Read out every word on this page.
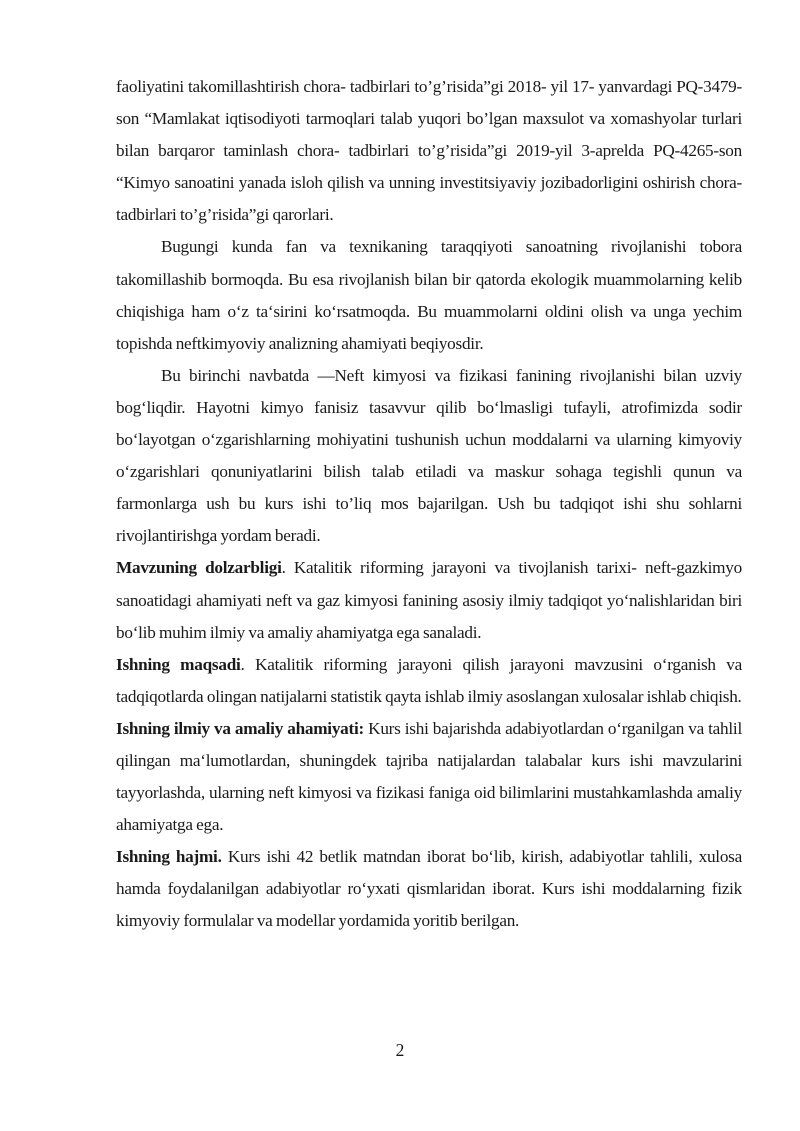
faoliyatini takomillashtirish chora- tadbirlari to’g’risida”gi 2018- yil 17- yanvardagi PQ-3479-son “Mamlakat iqtisodiyoti tarmoqlari talab yuqori bo’lgan maxsulot va xomashyolar turlari bilan barqaror taminlash chora- tadbirlari to’g’risida”gi 2019-yil 3-aprelda PQ-4265-son “Kimyo sanoatini yanada isloh qilish va unning investitsiyaviy jozibadorligini oshirish chora- tadbirlari to’g’risida”gi qarorlari.

Bugungi kunda fan va texnikaning taraqqiyoti sanoatning rivojlanishi tobora takomillashib bormoqda. Bu esa rivojlanish bilan bir qatorda ekologik muammolarning kelib chiqishiga ham o‘z ta‘sirini ko‘rsatmoqda. Bu muammolarni oldini olish va unga yechim topishda neftkimyoviy analizning ahamiyati beqiyosdir.

Bu birinchi navbatda —Neft kimyosi va fizikasi fanining rivojlanishi bilan uzviy bog‘liqdir. Hayotni kimyo fanisiz tasavvur qilib bo‘lmasligi tufayli, atrofimizda sodir bo‘layotgan o‘zgarishlarning mohiyatini tushunish uchun moddalarni va ularning kimyoviy o‘zgarishlari qonuniyatlarini bilish talab etiladi va maskur sohaga tegishli qunun va farmonlarga ush bu kurs ishi to’liq mos bajarilgan. Ush bu tadqiqot ishi shu sohlarni rivojlantirishga yordam beradi.

Mavzuning dolzarbligi. Katalitik riforming jarayoni va tivojlanish tarixi- neft-gazkimyo sanoatidagi ahamiyati neft va gaz kimyosi fanining asosiy ilmiy tadqiqot yo‘nalishlaridan biri bo‘lib muhim ilmiy va amaliy ahamiyatga ega sanaladi.

Ishning maqsadi. Katalitik riforming jarayoni qilish jarayoni mavzusini o‘rganish va tadqiqotlarda olingan natijalarni statistik qayta ishlab ilmiy asoslangan xulosalar ishlab chiqish.

Ishning ilmiy va amaliy ahamiyati: Kurs ishi bajarishda adabiyotlardan o‘rganilgan va tahlil qilingan ma‘lumotlardan, shuningdek tajriba natijalardan talabalar kurs ishi mavzularini tayyorlashda, ularning neft kimyosi va fizikasi faniga oid bilimlarini mustahkamlashda amaliy ahamiyatga ega.

Ishning hajmi. Kurs ishi 42 betlik matndan iborat bo‘lib, kirish, adabiyotlar tahlili, xulosa hamda foydalanilgan adabiyotlar ro‘yxati qismlaridan iborat. Kurs ishi moddalarning fizik kimyoviy formulalar va modellar yordamida yoritib berilgan.

2
